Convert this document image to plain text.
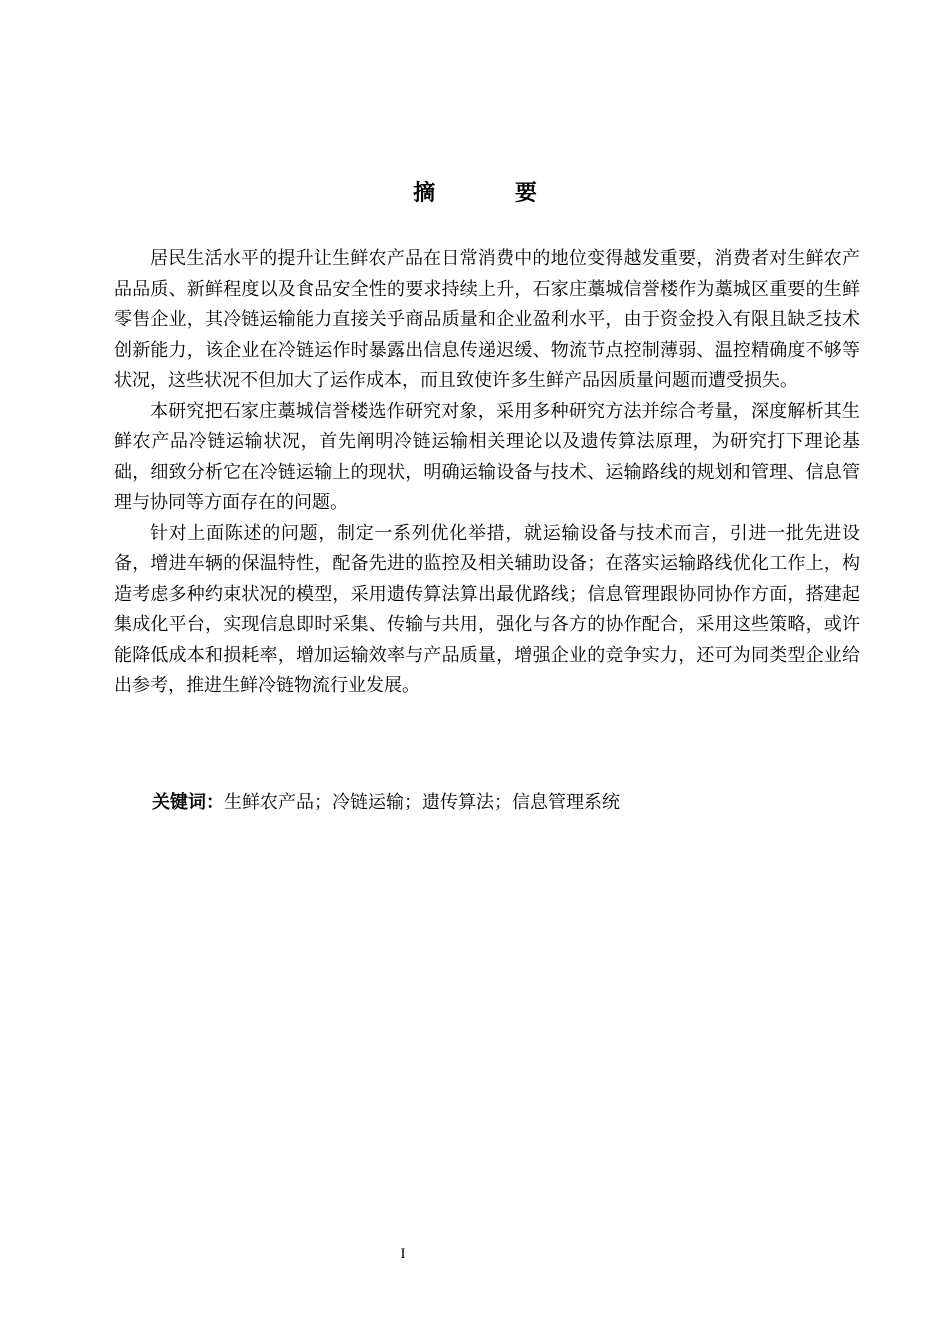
摘 要

居民生活水平的提升让生鲜农产品在日常消费中的地位变得越发重要，消费者对生鲜农产品品质、新鲜程度以及食品安全性的要求持续上升，石家庄藁城信誉楼作为藁城区重要的生鲜零售企业，其冷链运输能力直接关乎商品质量和企业盈利水平，由于资金投入有限且缺乏技术创新能力，该企业在冷链运作时暴露出信息传递迟缓、物流节点控制薄弱、温控精确度不够等状况，这些状况不但加大了运作成本，而且致使许多生鲜产品因质量问题而遭受损失。

本研究把石家庄藁城信誉楼选作研究对象，采用多种研究方法并综合考量，深度解析其生鲜农产品冷链运输状况，首先阐明冷链运输相关理论以及遗传算法原理，为研究打下理论基础，细致分析它在冷链运输上的现状，明确运输设备与技术、运输路线的规划和管理、信息管理与协同等方面存在的问题。

针对上面陈述的问题，制定一系列优化举措，就运输设备与技术而言，引进一批先进设备，增进车辆的保温特性，配备先进的监控及相关辅助设备；在落实运输路线优化工作上，构造考虑多种约束状况的模型，采用遗传算法算出最优路线；信息管理跟协同协作方面，搭建起集成化平台，实现信息即时采集、传输与共用，强化与各方的协作配合，采用这些策略，或许能降低成本和损耗率，增加运输效率与产品质量，增强企业的竞争实力，还可为同类型企业给出参考，推进生鲜冷链物流行业发展。

关键词：生鲜农产品；冷链运输；遗传算法；信息管理系统
I
